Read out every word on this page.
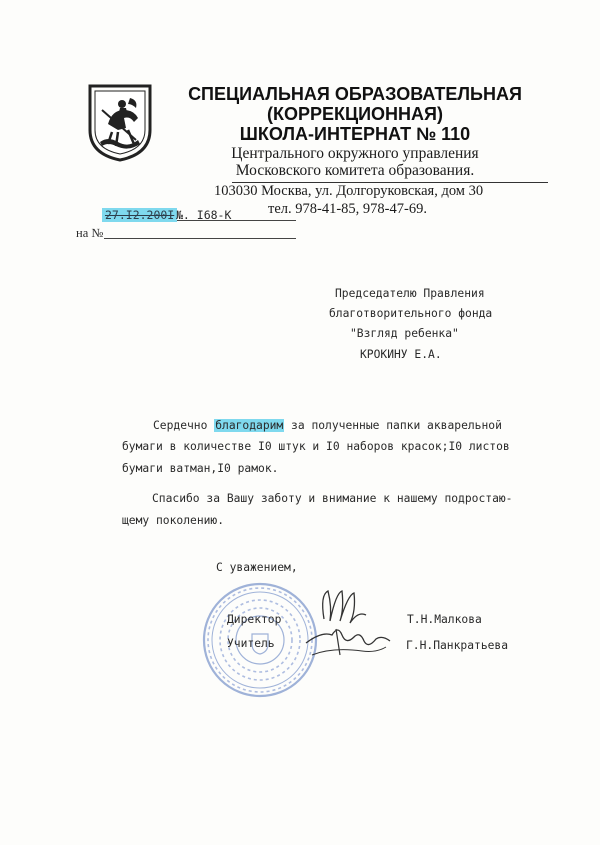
СПЕЦИАЛЬНАЯ ОБРАЗОВАТЕЛЬНАЯ
(КОРРЕКЦИОННАЯ)
ШКОЛА-ИНТЕРНАТ № 110
Центрального окружного управления
Московского комитета образования.
103030 Москва, ул. Долгоруковская, дом 30
тел. 978-41-85, 978-47-69.
27.I2.200I №. I68-К
на №
Председателю Правления
благотворительного фонда
"Взгляд ребенка"
КРОКИНУ Е.А.
Сердечно благодарим за полученные папки акварельной
бумаги в количестве I0 штук и I0 наборов красок;I0 листов
бумаги ватман,I0 рамок.
Спасибо за Вашу заботу и внимание к нашему подростаю-
щему поколению.
С уважением,
Директор
Учитель
Т.Н.Малкова
Г.Н.Панкратьева
